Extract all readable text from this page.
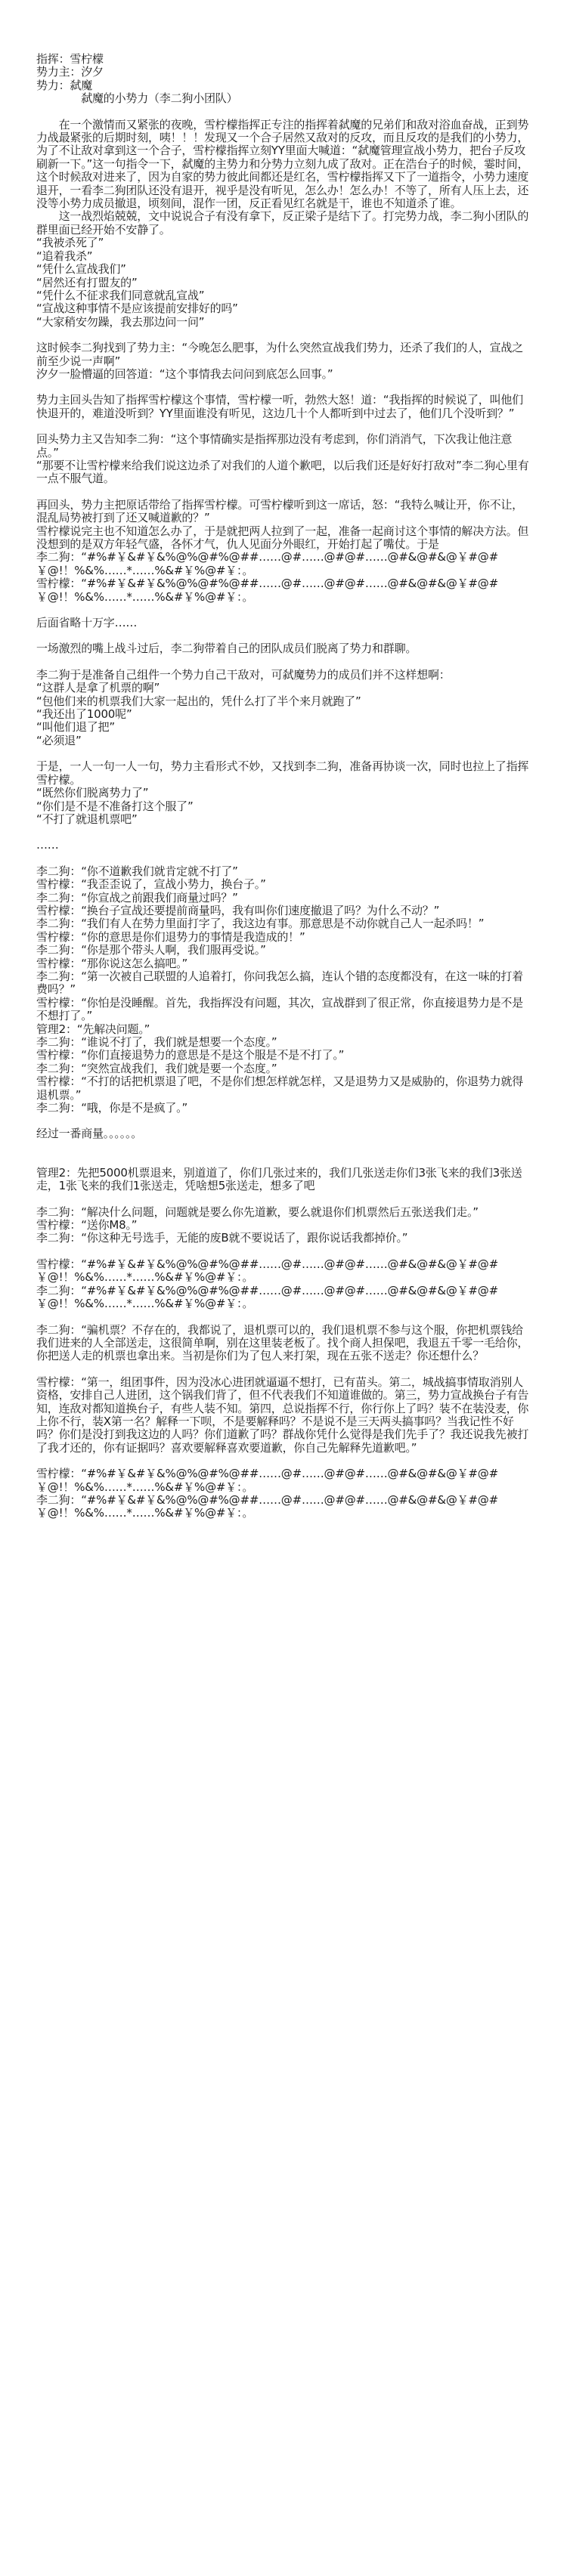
指挥：雪柠檬

势力主：汐夕

势力：弑魔

　　　　弑魔的小势力（李二狗小团队）

　　在一个激情而又紧张的夜晚，雪柠檬指挥正专注的指挥着弑魔的兄弟们和敌对浴血奋战，正到势力战最紧张的后期时刻，咦！！！发现又一个合子居然又敌对的反攻，而且反攻的是我们的小势力，为了不让敌对拿到这一个合子，雪柠檬指挥立刻YY里面大喊道：“弑魔管理宣战小势力，把台子反攻刷新一下。”这一句指令一下，弑魔的主势力和分势力立刻九成了敌对。正在浩台子的时候，霎时间，这个时候敌对进来了，因为自家的势力彼此间都还是红名，雪柠檬指挥又下了一道指令，小势力速度退开，一看李二狗团队还没有退开，视乎是没有听见，怎么办！怎么办！不等了，所有人压上去，还没等小势力成员撤退，顷刻间，混作一团，反正看见红名就是干，谁也不知道杀了谁。

　　这一战烈焰兢兢，文中说说合子有没有拿下，反正梁子是结下了。打完势力战，李二狗小团队的群里面已经开始不安静了。

“我被杀死了”

“追着我杀”

“凭什么宣战我们”

“居然还有打盟友的”

“凭什么不征求我们同意就乱宣战”

“宣战这种事情不是应该提前安排好的吗”

“大家稍安勿躁，我去那边问一问”

这时候李二狗找到了势力主：“今晚怎么肥事，为什么突然宣战我们势力，还杀了我们的人，宣战之前至少说一声啊”

汐夕一脸懵逼的回答道：“这个事情我去问问到底怎么回事。”

势力主回头告知了指挥雪柠檬这个事情，雪柠檬一听，勃然大怒！道：“我指挥的时候说了，叫他们快退开的，难道没听到？YY里面谁没有听见，这边几十个人都听到中过去了，他们几个没听到？”

回头势力主又告知李二狗：“这个事情确实是指挥那边没有考虑到，你们消消气，下次我让他注意点。”

“那要不让雪柠檬来给我们说这边杀了对我们的人道个歉吧，以后我们还是好好打敌对”李二狗心里有一点不服气道。

再回头，势力主把原话带给了指挥雪柠檬。可雪柠檬听到这一席话，怒：“我特么喊让开，你不让，混乱局势被打到了还又喊道歉的？”

雪柠檬说完主也不知道怎么办了，于是就把两人拉到了一起，准备一起商讨这个事情的解决方法。但没想到的是双方年轻气盛，各怀才气，仇人见面分外眼红，开始打起了嘴仗。于是

李二狗：“#%#￥&#￥&%@%@#%@##……@#……@#@#……@#&@#&@￥#@#￥@!！%&%……*……%&#￥%@#￥：。

雪柠檬：“#%#￥&#￥&%@%@#%@##……@#……@#@#……@#&@#&@￥#@#￥@!！%&%……*……%&#￥%@#￥：。

后面省略十万字……

一场激烈的嘴上战斗过后，李二狗带着自己的团队成员们脱离了势力和群聊。

李二狗于是准备自己组件一个势力自己干敌对，可弑魔势力的成员们并不这样想啊：

“这群人是拿了机票的啊”

“包他们来的机票我们大家一起出的，凭什么打了半个来月就跑了”

“我还出了1000呢”

“叫他们退了把”

“必须退”

于是，一人一句一人一句，势力主看形式不妙，又找到李二狗，准备再协谈一次，同时也拉上了指挥雪柠檬。

“既然你们脱离势力了”

“你们是不是不准备打这个服了”

“不打了就退机票吧”

……

李二狗：“你不道歉我们就肯定就不打了”

雪柠檬：“我歪歪说了，宣战小势力，换台子。”

李二狗：“你宣战之前跟我们商量过吗？”

雪柠檬：“换台子宣战还要提前商量吗，我有叫你们速度撤退了吗？为什么不动？”

李二狗：“我们有人在势力里面打字了，我这边有事。那意思是不动你就自己人一起杀吗！”

雪柠檬：“你的意思是你们退势力的事情是我造成的！”

李二狗：“你是那个带头人啊，我们服再受说。”

雪柠檬：“那你说这怎么搞吧。”

李二狗：“第一次被自己联盟的人追着打，你问我怎么搞，连认个错的态度都没有，在这一味的打着费吗？”

雪柠檬：“你怕是没睡醒。首先，我指挥没有问题，其次，宣战群到了很正常，你直接退势力是不是不想打了。”

管理2：“先解决问题。”

李二狗：“谁说不打了，我们就是想要一个态度。”

雪柠檬：“你们直接退势力的意思是不是这个服是不是不打了。”

李二狗：“突然宣战我们，我们就是要一个态度。”

雪柠檬：“不打的话把机票退了吧，不是你们想怎样就怎样，又是退势力又是威胁的，你退势力就得退机票。”

李二狗：“哦，你是不是疯了。”

经过一番商量。。。。。。

管理2：先把5000机票退来，别道道了，你们几张过来的，我们几张送走你们3张飞来的我们3张送走，1张飞来的我们1张送走，凭啥想5张送走，想多了吧

李二狗：“解决什么问题，问题就是要么你先道歉，要么就退你们机票然后五张送我们走。”

雪柠檬：“送你M8。”

李二狗：“你这种无号选手，无能的废B就不要说话了，跟你说话我都掉价。”

雪柠檬：“#%#￥&#￥&%@%@#%@##……@#……@#@#……@#&@#&@￥#@#￥@!！%&%……*……%&#￥%@#￥：。

李二狗：“#%#￥&#￥&%@%@#%@##……@#……@#@#……@#&@#&@￥#@#￥@!！%&%……*……%&#￥%@#￥：。

李二狗：“骗机票？不存在的，我都说了，退机票可以的，我们退机票不参与这个服，你把机票钱给我们进来的人全部送走，这很简单啊，别在这里装老板了。找个商人担保吧，我退五千零一毛给你，你把送人走的机票也拿出来。当初是你们为了包人来打架，现在五张不送走？你还想什么？

雪柠檬：“第一，组团事件，因为没冰心进团就逼逼不想打，已有苗头。第二，城战搞事情取消别人资格，安排自己人进团，这个锅我们背了，但不代表我们不知道谁做的。第三，势力宣战换台子有告知，连敌对都知道换台子，有些人装不知。第四，总说指挥不行，你行你上了吗？装不在装没麦，你上你不行，装X第一名？解释一下呗，不是要解释吗？不是说不是三天两头搞事吗？当我记性不好吗？你们是没打到我这边的人吗？你们道歉了吗？群战你凭什么觉得是我们先手了？我还说我先被打了我才还的，你有证据吗？喜欢要解释喜欢要道歉，你自己先解释先道歉吧。”

雪柠檬：“#%#￥&#￥&%@%@#%@##……@#……@#@#……@#&@#&@￥#@#￥@!！%&%……*……%&#￥%@#￥：。

李二狗：“#%#￥&#￥&%@%@#%@##……@#……@#@#……@#&@#&@￥#@#￥@!！%&%……*……%&#￥%@#￥：。
